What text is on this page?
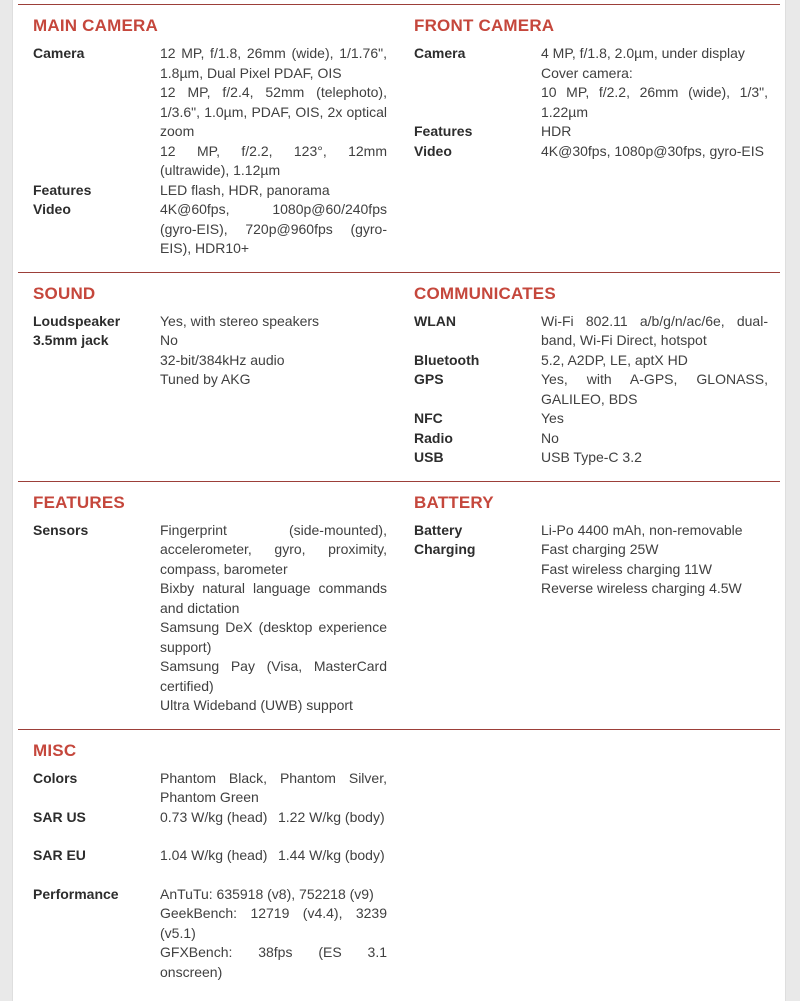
MAIN CAMERA
Camera	12 MP, f/1.8, 26mm (wide), 1/1.76", 1.8µm, Dual Pixel PDAF, OIS

12 MP, f/2.4, 52mm (telephoto), 1/3.6", 1.0µm, PDAF, OIS, 2x optical zoom

12 MP, f/2.2, 123°, 12mm (ultrawide), 1.12µm

Features	LED flash, HDR, panorama

Video	4K@60fps, 1080p@60/240fps (gyro-EIS), 720p@960fps (gyro-EIS), HDR10+

FRONT CAMERA
Camera	4 MP, f/1.8, 2.0µm, under display

Cover camera:

10 MP, f/2.2, 26mm (wide), 1/3", 1.22µm

Features	HDR

Video	4K@30fps, 1080p@30fps, gyro-EIS

SOUND
Loudspeaker	Yes, with stereo speakers

3.5mm jack	No

32-bit/384kHz audio

Tuned by AKG

COMMUNICATES
WLAN	Wi-Fi 802.11 a/b/g/n/ac/6e, dual-band, Wi-Fi Direct, hotspot

Bluetooth	5.2, A2DP, LE, aptX HD

GPS	Yes, with A-GPS, GLONASS, GALILEO, BDS

NFC	Yes

Radio	No

USB	USB Type-C 3.2

FEATURES
Sensors	Fingerprint (side-mounted), accelerometer, gyro, proximity, compass, barometer

Bixby natural language commands and dictation

Samsung DeX (desktop experience support)

Samsung Pay (Visa, MasterCard certified)

Ultra Wideband (UWB) support

BATTERY
Battery	Li-Po 4400 mAh, non-removable

Charging	Fast charging 25W

Fast wireless charging 11W

Reverse wireless charging 4.5W

MISC
Colors	Phantom Black, Phantom Silver, Phantom Green

SAR US	0.73 W/kg (head) 1.22 W/kg (body)

SAR EU	1.04 W/kg (head) 1.44 W/kg (body)

Performance	AnTuTu: 635918 (v8), 752218 (v9)

GeekBench: 12719 (v4.4), 3239 (v5.1)

GFXBench: 38fps (ES 3.1 onscreen)
